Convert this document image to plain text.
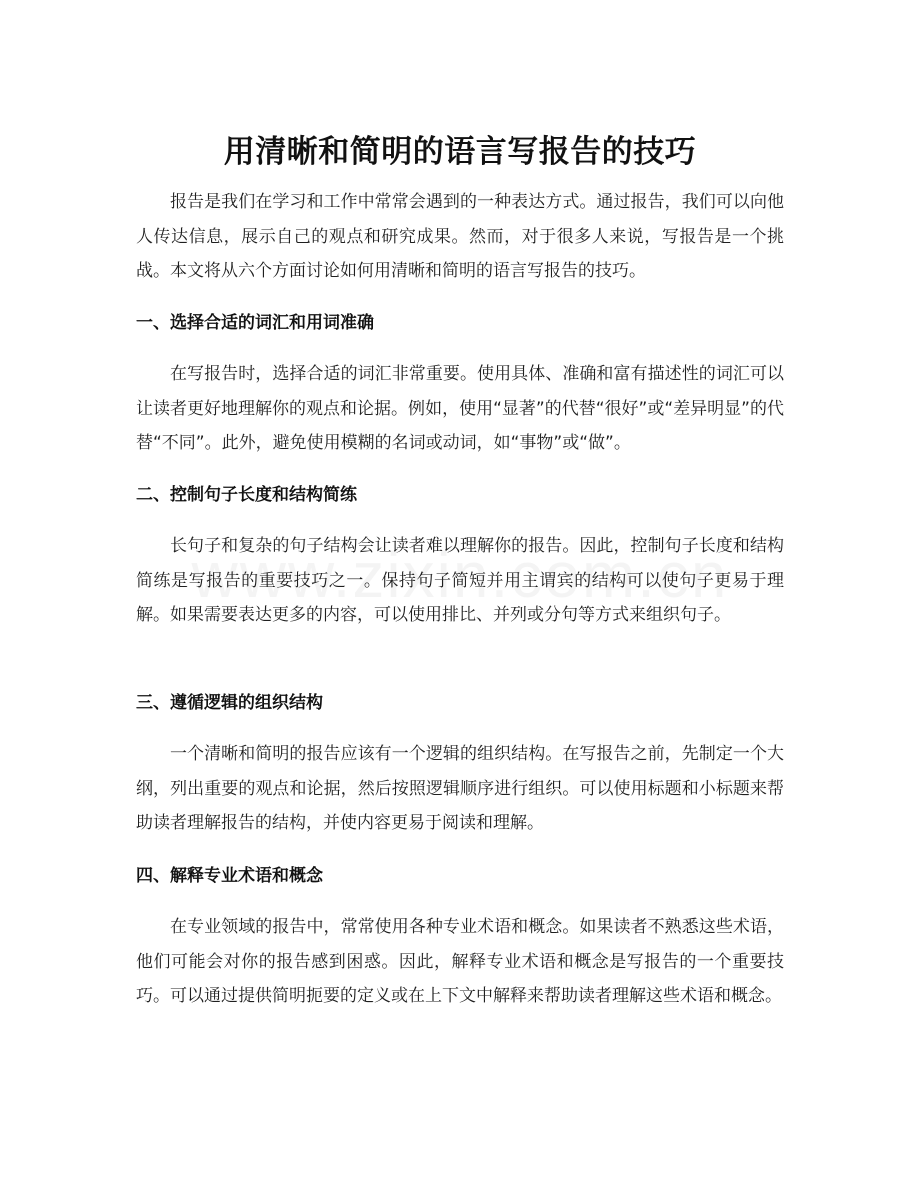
用清晰和简明的语言写报告的技巧

报告是我们在学习和工作中常常会遇到的一种表达方式。通过报告，我们可以向他人传达信息，展示自己的观点和研究成果。然而，对于很多人来说，写报告是一个挑战。本文将从六个方面讨论如何用清晰和简明的语言写报告的技巧。

一、选择合适的词汇和用词准确

在写报告时，选择合适的词汇非常重要。使用具体、准确和富有描述性的词汇可以让读者更好地理解你的观点和论据。例如，使用“显著”的代替“很好”或“差异明显”的代替“不同”。此外，避免使用模糊的名词或动词，如“事物”或“做”。

二、控制句子长度和结构简练

长句子和复杂的句子结构会让读者难以理解你的报告。因此，控制句子长度和结构简练是写报告的重要技巧之一。保持句子简短并用主谓宾的结构可以使句子更易于理解。如果需要表达更多的内容，可以使用排比、并列或分句等方式来组织句子。

三、遵循逻辑的组织结构

一个清晰和简明的报告应该有一个逻辑的组织结构。在写报告之前，先制定一个大纲，列出重要的观点和论据，然后按照逻辑顺序进行组织。可以使用标题和小标题来帮助读者理解报告的结构，并使内容更易于阅读和理解。

四、解释专业术语和概念

在专业领域的报告中，常常使用各种专业术语和概念。如果读者不熟悉这些术语，他们可能会对你的报告感到困惑。因此，解释专业术语和概念是写报告的一个重要技巧。可以通过提供简明扼要的定义或在上下文中解释来帮助读者理解这些术语和概念。
